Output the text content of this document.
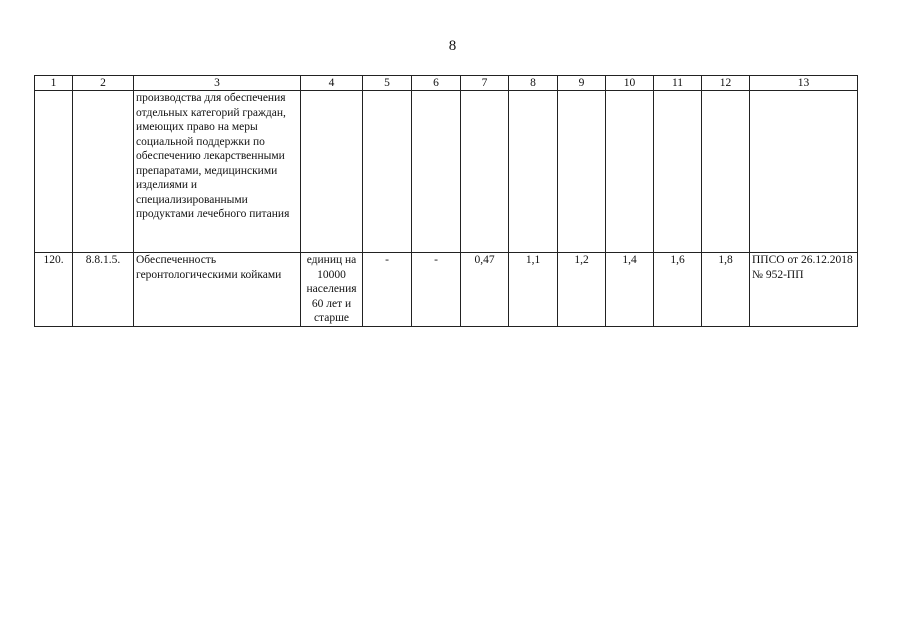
8
1	2	3	4	5	6	7	8	9	10	11	12	13
		производства для обеспечения отдельных категорий граждан, имеющих право на меры социальной поддержки по обеспечению лекарственными препаратами, медицинскими изделиями и специализированными продуктами лечебного питания										
120.	8.8.1.5.	Обеспеченность геронтологическими койками	единиц на 10000 населения 60 лет и старше	-	-	0,47	1,1	1,2	1,4	1,6	1,8	ППСО от 26.12.2018 № 952-ПП
